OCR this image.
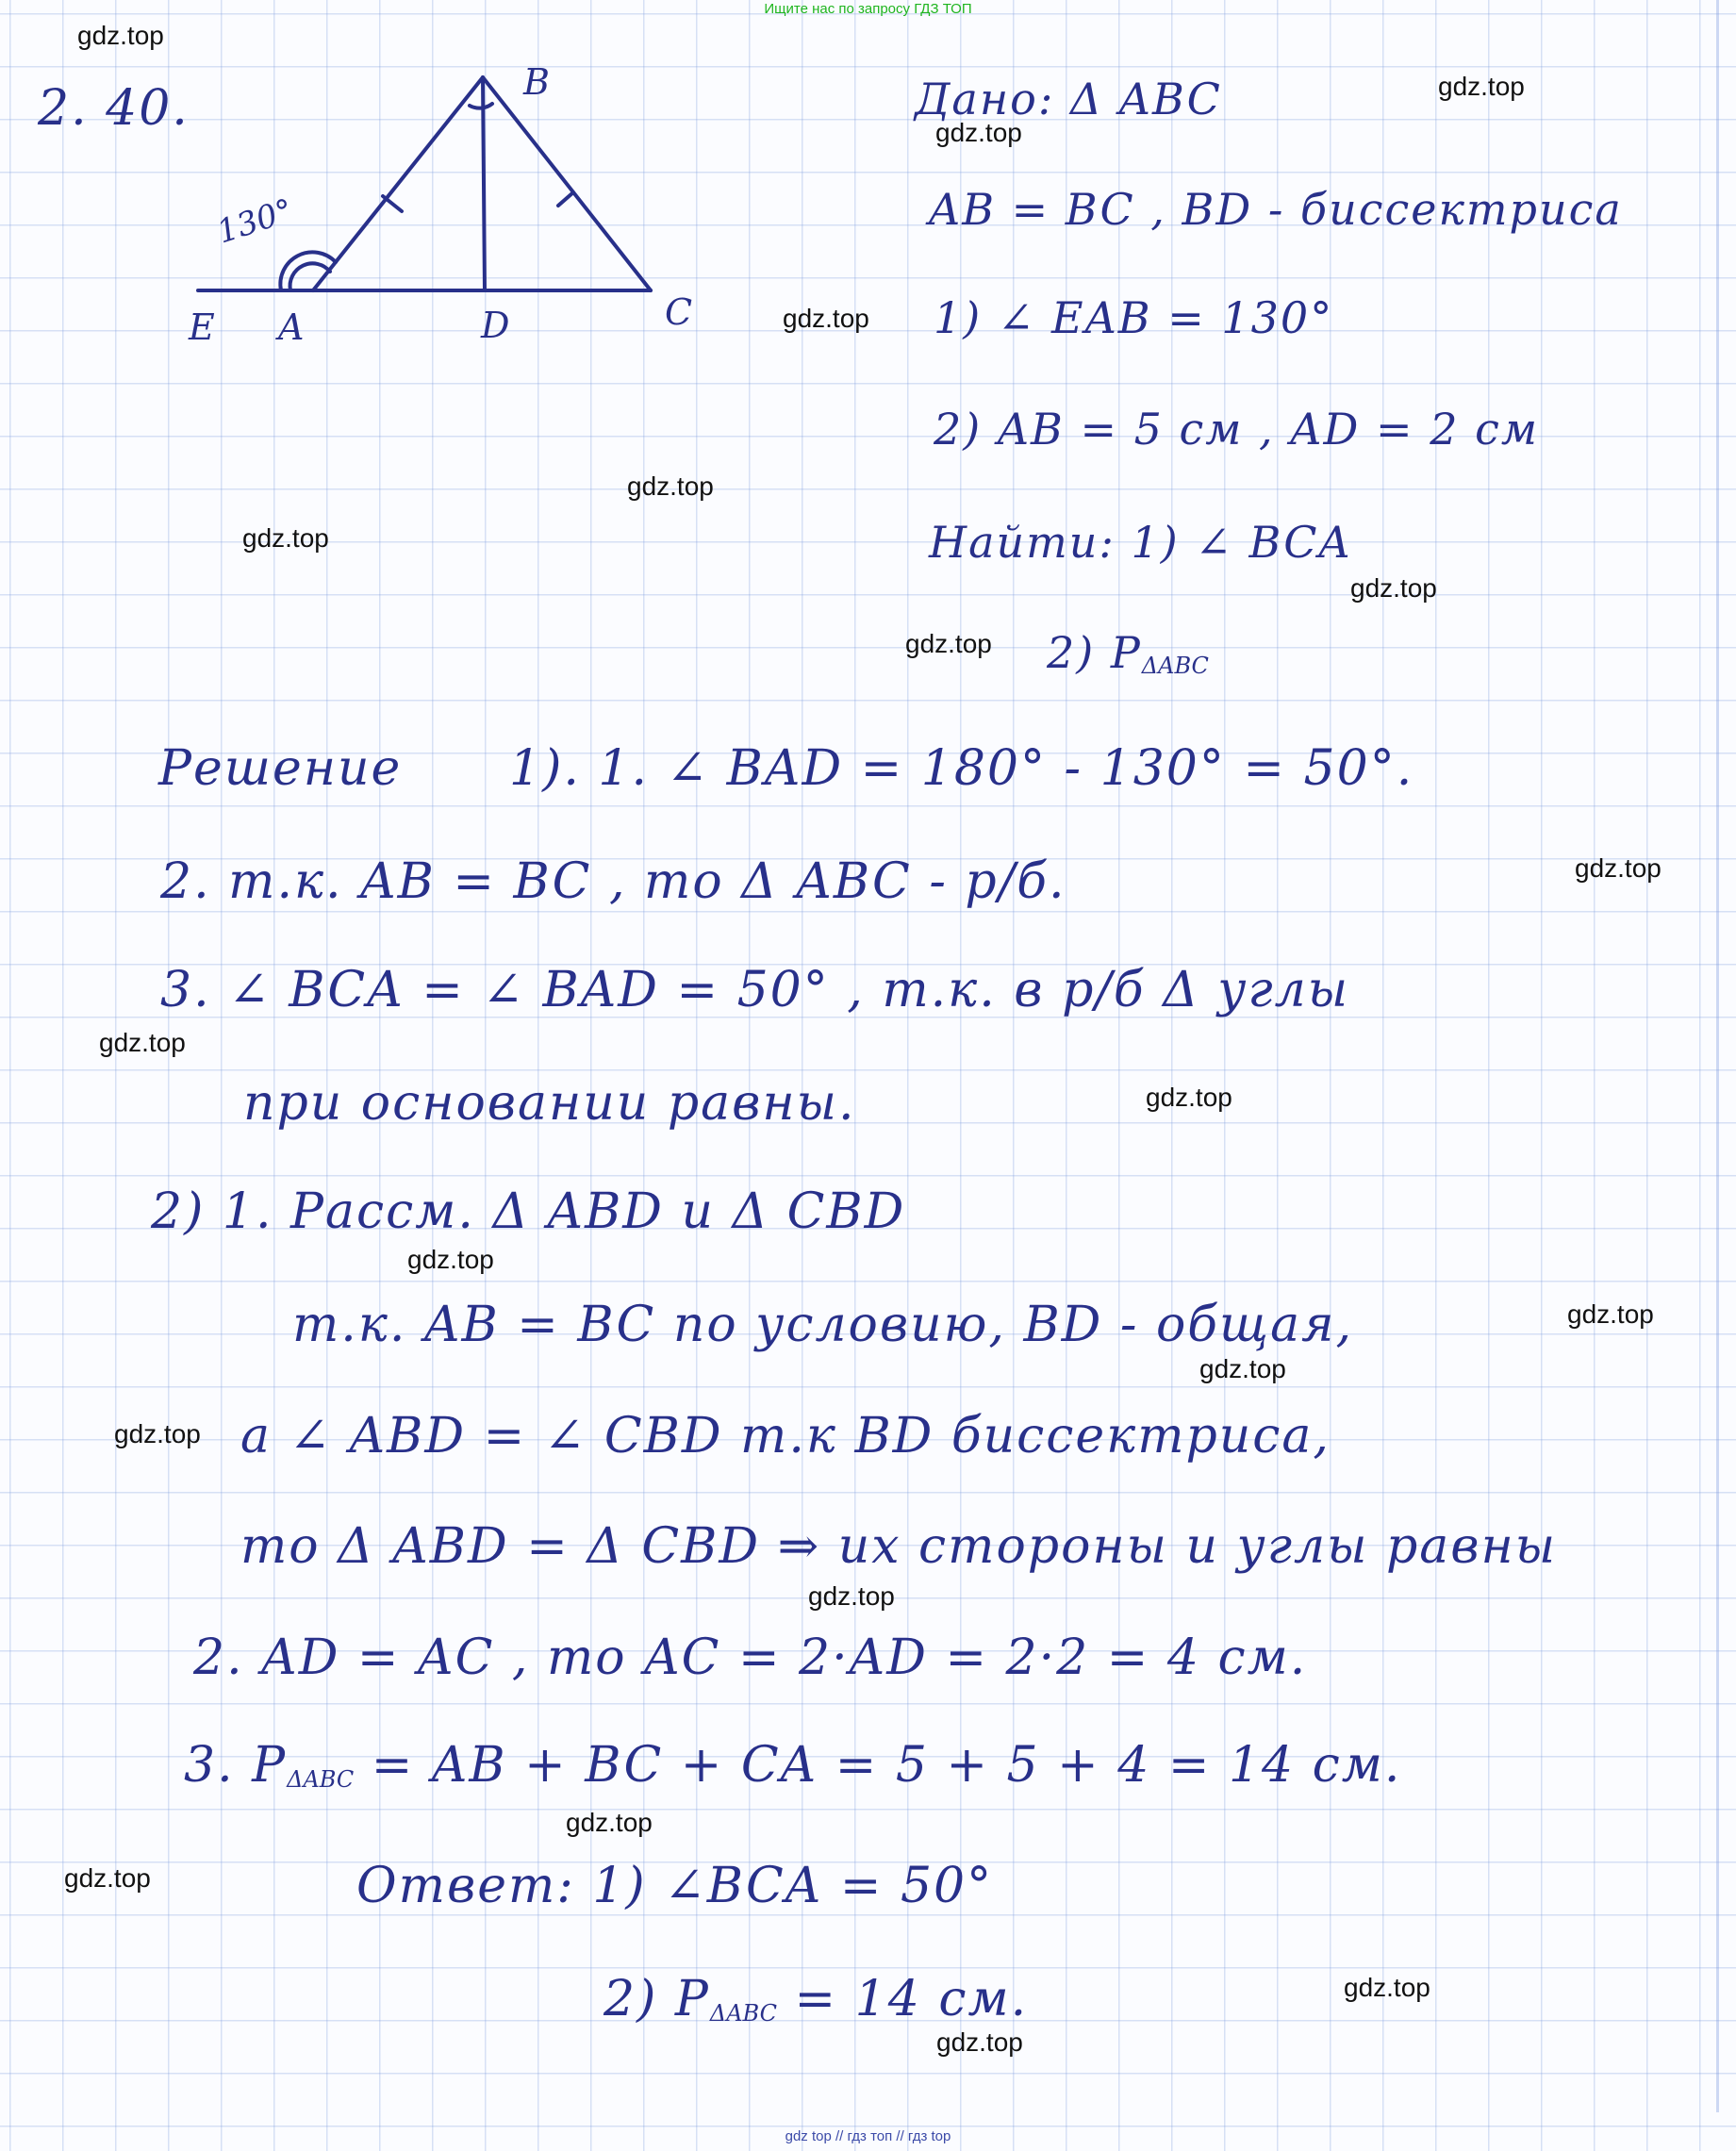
Ищите нас по запросу ГДЗ ТОП
gdz.top
gdz.top
gdz.top
gdz.top
gdz.top
gdz.top
gdz.top
gdz.top
gdz.top
gdz.top
gdz.top
gdz.top
gdz.top
gdz.top
gdz.top
gdz.top
gdz.top
gdz.top
gdz.top
gdz.top
2. 40.
130°
E A
B
C
D
Дано: Δ ABC
AB = BC , BD - биссектриса
1) ∠ EAB = 130°
2) AB = 5 см , AD = 2 см
Найти: 1) ∠ BCA
2) $P_{\Delta ABC}$
Решение 1). 1. ∠ BAD = 180° - 130° = 50°.
2. т.к. AB = BC , то Δ ABC - р/б.
3. ∠ BCA = ∠ BAD = 50° , т.к. в р/б Δ углы
при основании равны.
2) 1. Рассм. Δ ABD и Δ CBD
т.к. AB = BC по условию, BD - общая,
а ∠ ABD = ∠ CBD т.к BD биссектриса,
то Δ ABD = Δ CBD ⇒ их стороны и углы равны
2. AD = AC , то AC = 2·AD = 2·2 = 4 см.
3. $P_{\Delta ABC}$ = AB + BC + CA = 5 + 5 + 4 = 14 см.
Ответ: 1) ∠BCA = 50°
2) $P_{\Delta ABC} = 14$ см.
gdz top // гдз топ // гдз top
